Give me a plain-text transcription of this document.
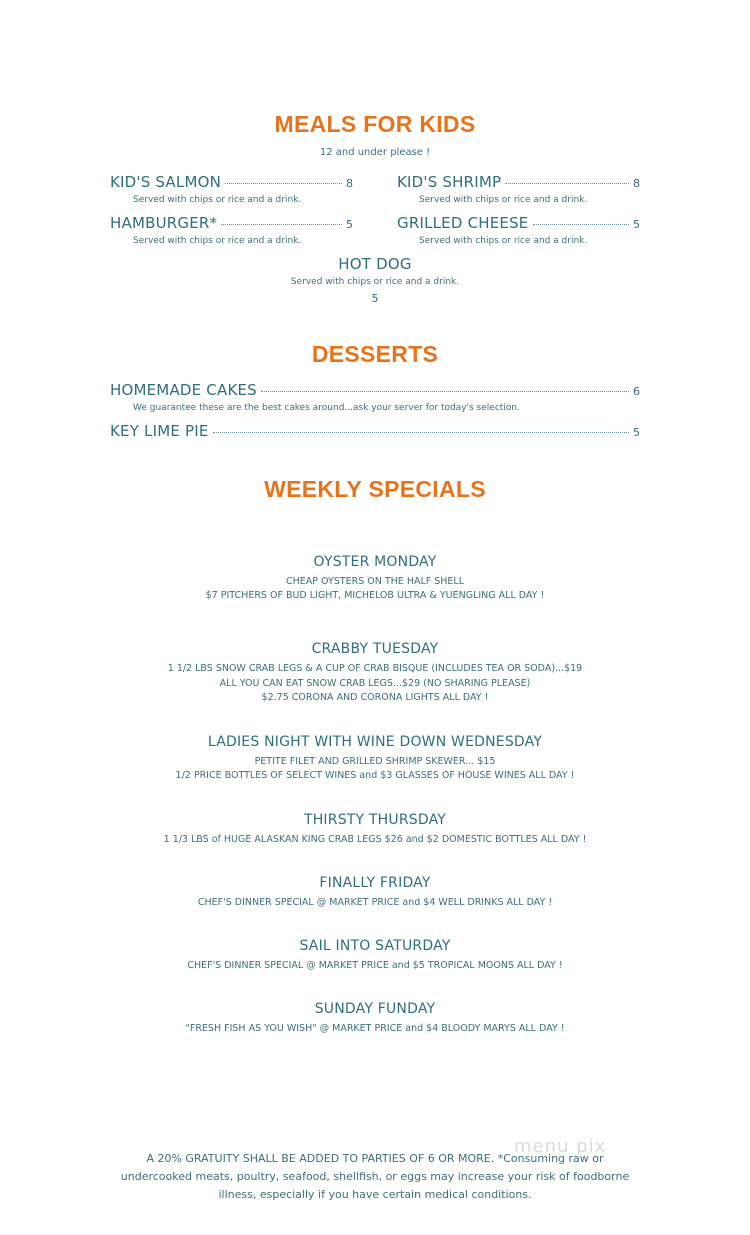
MEALS FOR KIDS
12 and under please !
KID'S SALMON	8
Served with chips or rice and a drink.
KID'S SHRIMP	8
Served with chips or rice and a drink.
HAMBURGER*	5
Served with chips or rice and a drink.
GRILLED CHEESE	5
Served with chips or rice and a drink.
HOT DOG
Served with chips or rice and a drink.
5
DESSERTS
HOMEMADE CAKES	6
We guarantee these are the best cakes around...ask your server for today's selection.
KEY LIME PIE	5
WEEKLY SPECIALS
OYSTER MONDAY
CHEAP OYSTERS ON THE HALF SHELL
$7 PITCHERS OF BUD LIGHT, MICHELOB ULTRA & YUENGLING ALL DAY !
CRABBY TUESDAY
1 1/2 LBS SNOW CRAB LEGS & A CUP OF CRAB BISQUE (INCLUDES TEA OR SODA)...$19
ALL YOU CAN EAT SNOW CRAB LEGS...$29 (NO SHARING PLEASE)
$2.75 CORONA AND CORONA LIGHTS ALL DAY !
LADIES NIGHT WITH WINE DOWN WEDNESDAY
PETITE FILET AND GRILLED SHRIMP SKEWER... $15
1/2 PRICE BOTTLES OF SELECT WINES and $3 GLASSES OF HOUSE WINES ALL DAY !
THIRSTY THURSDAY
1 1/3 LBS of HUGE ALASKAN KING CRAB LEGS $26 and $2 DOMESTIC BOTTLES ALL DAY !
FINALLY FRIDAY
CHEF'S DINNER SPECIAL @ MARKET PRICE and $4 WELL DRINKS ALL DAY !
SAIL INTO SATURDAY
CHEF'S DINNER SPECIAL @ MARKET PRICE and $5 TROPICAL MOONS ALL DAY !
SUNDAY FUNDAY
"FRESH FISH AS YOU WISH" @ MARKET PRICE and $4 BLOODY MARYS ALL DAY !
menu pix
A 20% GRATUITY SHALL BE ADDED TO PARTIES OF 6 OR MORE. *Consuming raw or undercooked meats, poultry, seafood, shellfish, or eggs may increase your risk of foodborne illness, especially if you have certain medical conditions.
